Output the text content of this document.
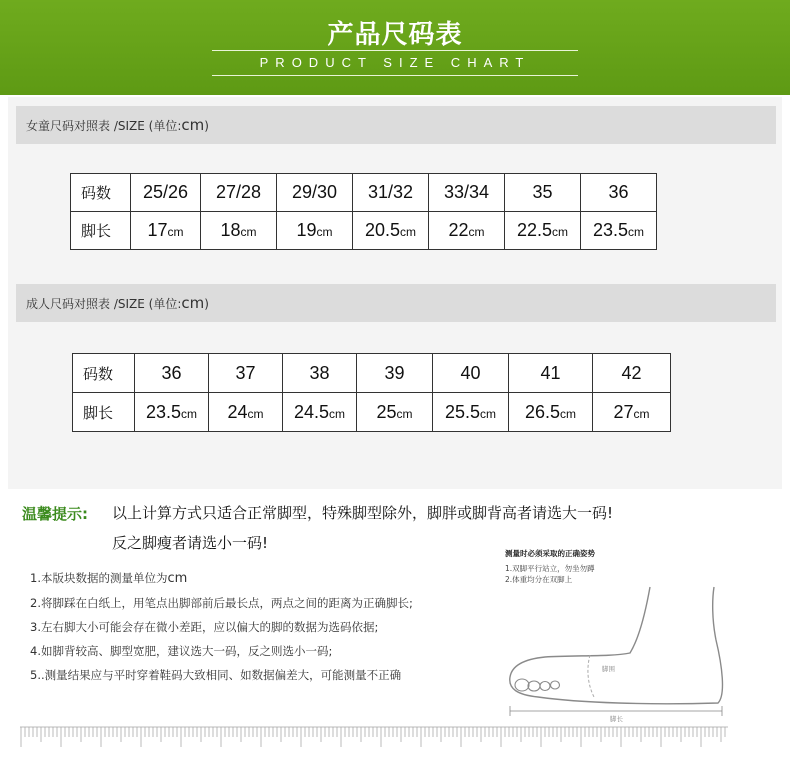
产品尺码表
PRODUCT SIZE CHART
女童尺码对照表 /SIZE (单位:cm)
码数	25/26	27/28	29/30	31/32	33/34	35	36
脚长	17cm	18cm	19cm	20.5cm	22cm	22.5cm	23.5cm
成人尺码对照表 /SIZE (单位:cm)
码数	36	37	38	39	40	41	42
脚长	23.5cm	24cm	24.5cm	25cm	25.5cm	26.5cm	27cm
温馨提示: 以上计算方式只适合正常脚型，特殊脚型除外，脚胖或脚背高者请选大一码!
反之脚瘦者请选小一码!
1.本版块数据的测量单位为cm
2.将脚踩在白纸上，用笔点出脚部前后最长点，两点之间的距离为正确脚长;
3.左右脚大小可能会存在微小差距，应以偏大的脚的数据为选码依据;
4.如脚背较高、脚型宽肥，建议选大一码，反之则选小一码;
5..测量结果应与平时穿着鞋码大致相同、如数据偏差大，可能测量不正确
测量时必须采取的正确姿势
1.双脚平行站立，勿坐勿蹲
2.体重均分在双脚上
脚围
脚长
